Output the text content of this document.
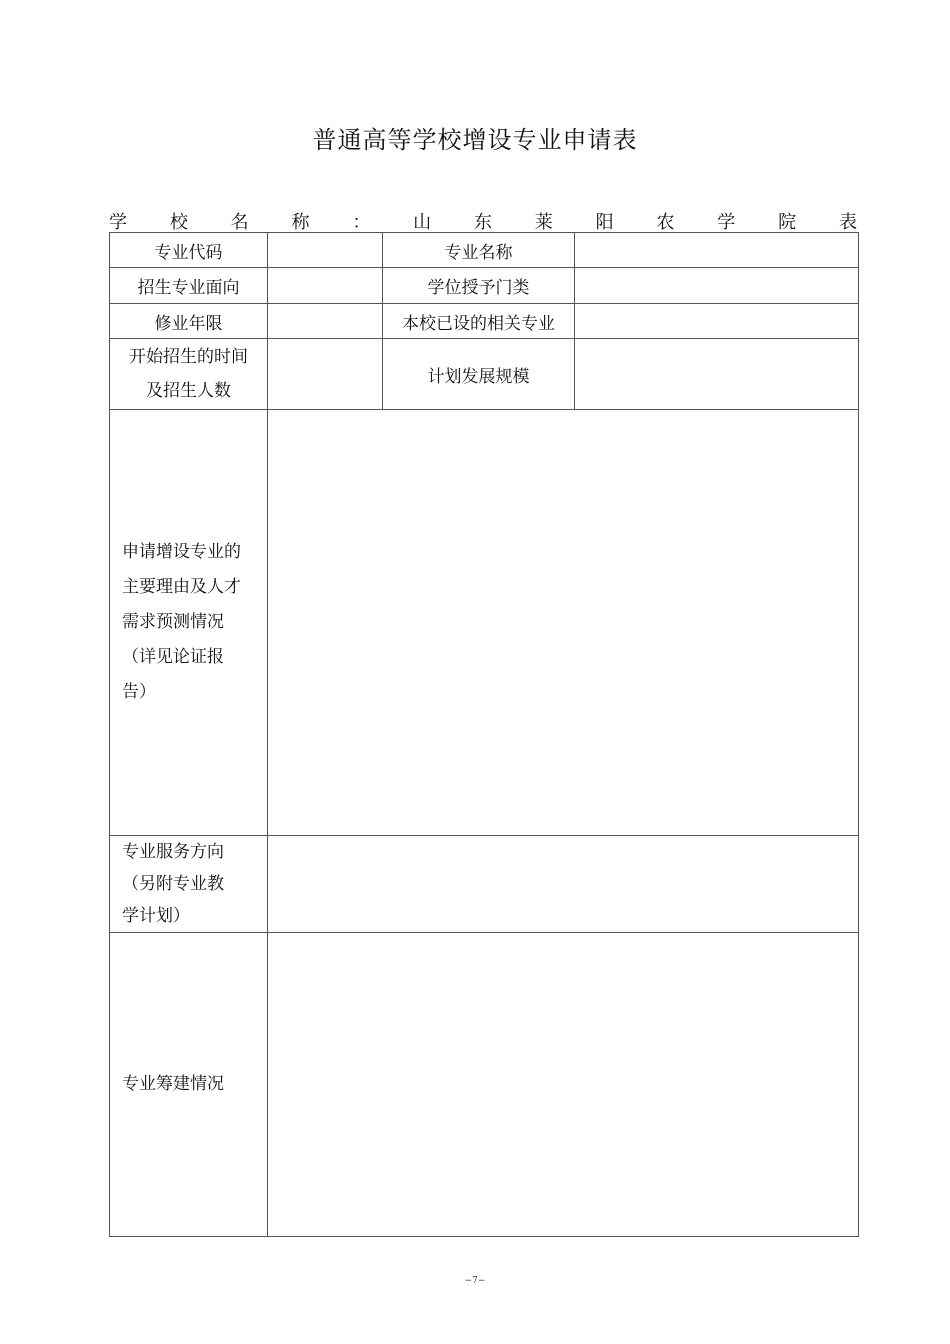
普通高等学校增设专业申请表
学 校 名 称 ： 山 东 莱 阳 农 学 院 表
专业代码		专业名称	
招生专业面向		学位授予门类	
修业年限		本校已设的相关专业	

开始招生的时间
及招生人数		计划发展规模	

申请增设专业的
主要理由及人才
需求预测情况
（详见论证报
告）			

专业服务方向
（另附专业教
学计划）			

专业筹建情况			
−7−
